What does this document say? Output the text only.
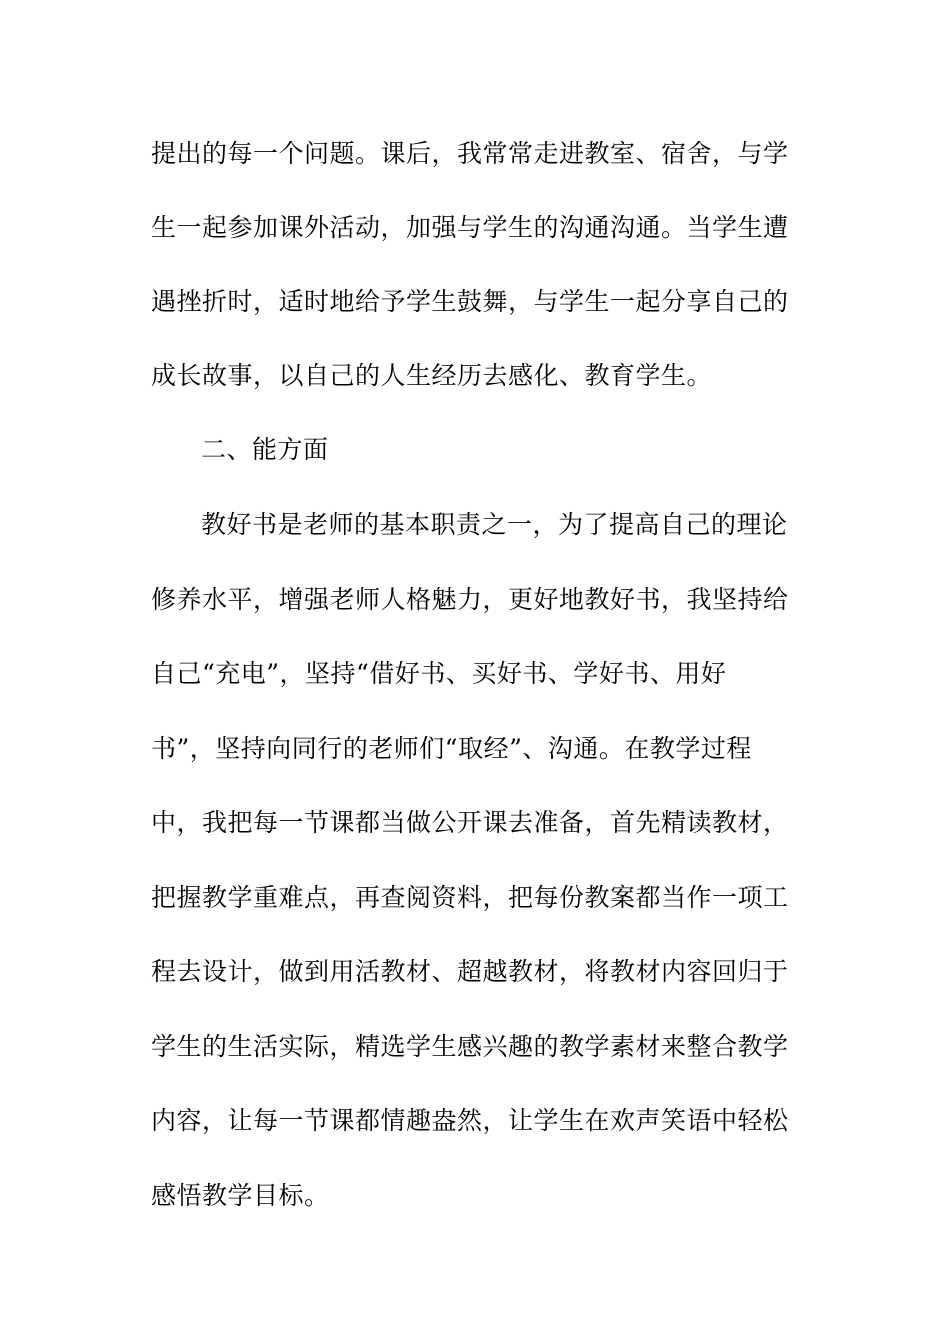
提出的每一个问题。课后，我常常走进教室、宿舍，与学
生一起参加课外活动，加强与学生的沟通沟通。当学生遭
遇挫折时，适时地给予学生鼓舞，与学生一起分享自己的
成长故事，以自己的人生经历去感化、教育学生。
二、能方面
教好书是老师的基本职责之一，为了提高自己的理论
修养水平，增强老师人格魅力，更好地教好书，我坚持给
自己“充电”，坚持“借好书、买好书、学好书、用好
书”，坚持向同行的老师们“取经”、沟通。在教学过程
中，我把每一节课都当做公开课去准备，首先精读教材，
把握教学重难点，再查阅资料，把每份教案都当作一项工
程去设计，做到用活教材、超越教材，将教材内容回归于
学生的生活实际，精选学生感兴趣的教学素材来整合教学
内容，让每一节课都情趣盎然，让学生在欢声笑语中轻松
感悟教学目标。
